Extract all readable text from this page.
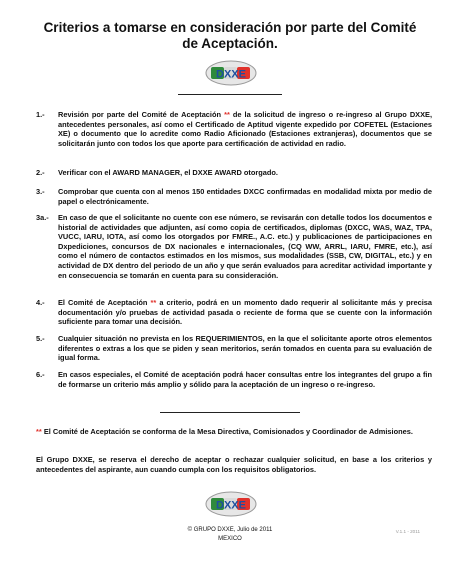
Criterios a tomarse en consideración por parte del Comité de Aceptación.
DXXE
1.- Revisión por parte del Comité de Aceptación ** de la solicitud de ingreso o re-ingreso al Grupo DXXE, antecedentes personales, así como el Certificado de Aptitud vigente expedido por COFETEL (Estaciones XE) o documento que lo acredite como Radio Aficionado (Estaciones extranjeras), documentos que se solicitarán junto con todos los que aporte para certificación de actividad en radio.
2.- Verificar con el AWARD MANAGER, el DXXE AWARD otorgado.
3.- Comprobar que cuenta con al menos 150 entidades DXCC confirmadas en modalidad mixta por medio de papel o electrónicamente.
3a.- En caso de que el solicitante no cuente con ese número, se revisarán con detalle todos los documentos e historial de actividades que adjunten, así como copia de certificados, diplomas (DXCC, WAS, WAZ, TPA, VUCC, IARU, IOTA, así como los otorgados por FMRE., A.C. etc.) y publicaciones de participaciones en Dxpediciones, concursos de DX nacionales e internacionales, (CQ WW, ARRL, IARU, FMRE, etc.), así como el número de contactos estimados en los mismos, sus modalidades (SSB, CW, DIGITAL, etc.) y en actividad de DX dentro del periodo de un año y que serán evaluados para acreditar actividad importante y en consecuencia se tomarán en cuenta para su consideración.
4.- El Comité de Aceptación ** a criterio, podrá en un momento dado requerir al solicitante más y precisa documentación y/o pruebas de actividad pasada o reciente de forma que se cuente con la información suficiente para tomar una decisión.
5.- Cualquier situación no prevista en los REQUERIMIENTOS, en la que el solicitante aporte otros elementos diferentes o extras a los que se piden y sean meritorios, serán tomados en cuenta para su evaluación de igual forma.
6.- En casos especiales, el Comité de aceptación podrá hacer consultas entre los integrantes del grupo a fin de formarse un criterio más amplio y sólido para la aceptación de un ingreso o re-ingreso.
** El Comité de Aceptación se conforma de la Mesa Directiva, Comisionados y Coordinador de Admisiones.
El Grupo DXXE, se reserva el derecho de aceptar o rechazar cualquier solicitud, en base a los criterios y antecedentes del aspirante, aun cuando cumpla con los requisitos obligatorios.
DXXE
© GRUPO DXXE, Julio de 2011
MEXICO
V.1.1 - 2011
